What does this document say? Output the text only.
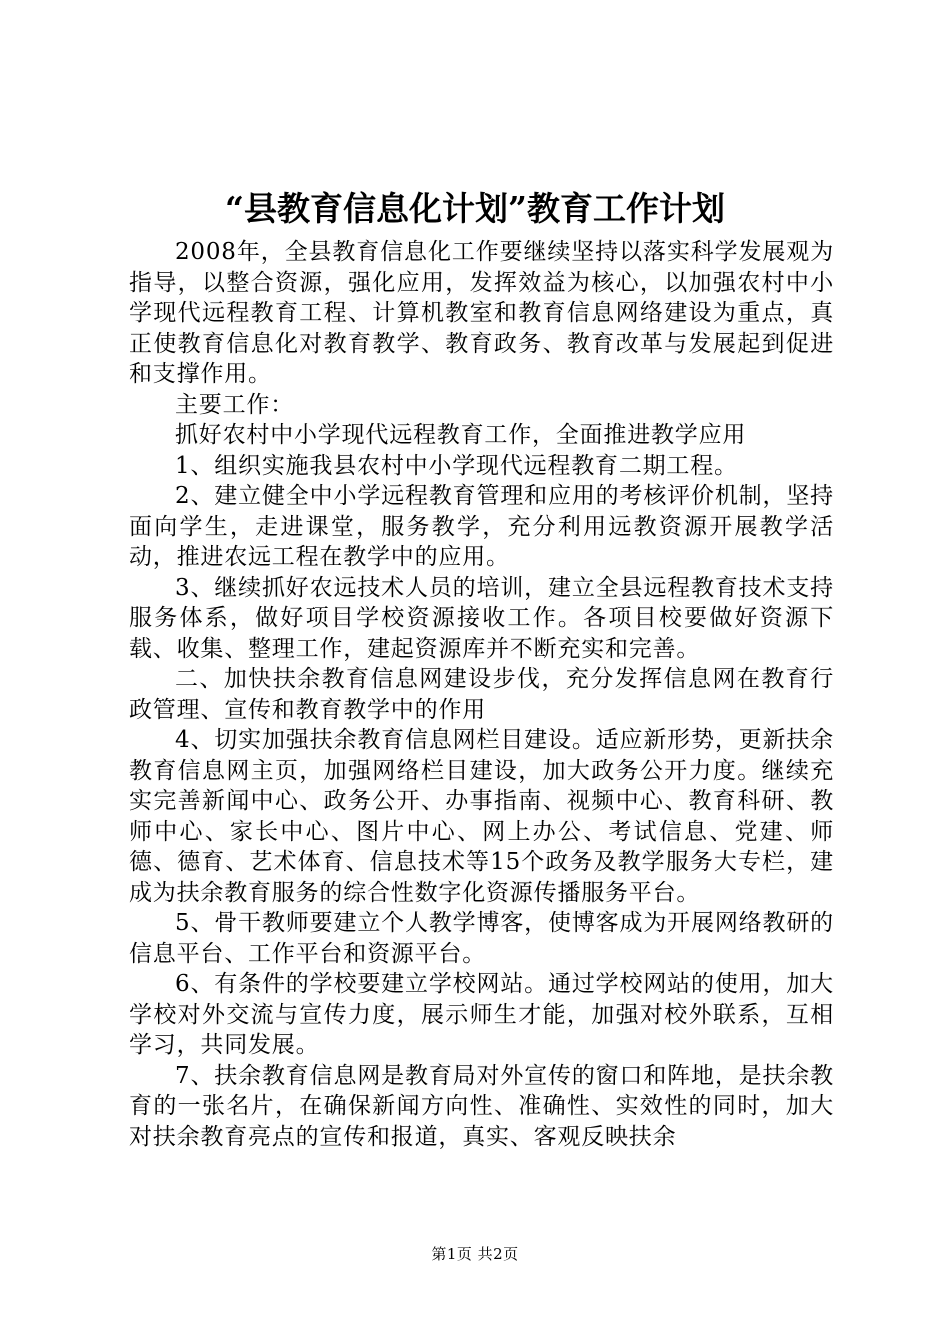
“县教育信息化计划”教育工作计划

2008年，全县教育信息化工作要继续坚持以落实科学发展观为指导，以整合资源，强化应用，发挥效益为核心，以加强农村中小学现代远程教育工程、计算机教室和教育信息网络建设为重点，真正使教育信息化对教育教学、教育政务、教育改革与发展起到促进和支撑作用。

主要工作：

抓好农村中小学现代远程教育工作，全面推进教学应用

1、组织实施我县农村中小学现代远程教育二期工程。

2、建立健全中小学远程教育管理和应用的考核评价机制，坚持面向学生，走进课堂，服务教学，充分利用远教资源开展教学活动，推进农远工程在教学中的应用。

3、继续抓好农远技术人员的培训，建立全县远程教育技术支持服务体系，做好项目学校资源接收工作。各项目校要做好资源下载、收集、整理工作，建起资源库并不断充实和完善。

二、加快扶余教育信息网建设步伐，充分发挥信息网在教育行政管理、宣传和教育教学中的作用

4、切实加强扶余教育信息网栏目建设。适应新形势，更新扶余教育信息网主页，加强网络栏目建设，加大政务公开力度。继续充实完善新闻中心、政务公开、办事指南、视频中心、教育科研、教师中心、家长中心、图片中心、网上办公、考试信息、党建、师德、德育、艺术体育、信息技术等15个政务及教学服务大专栏，建成为扶余教育服务的综合性数字化资源传播服务平台。

5、骨干教师要建立个人教学博客，使博客成为开展网络教研的信息平台、工作平台和资源平台。

6、有条件的学校要建立学校网站。通过学校网站的使用，加大学校对外交流与宣传力度，展示师生才能，加强对校外联系，互相学习，共同发展。

7、扶余教育信息网是教育局对外宣传的窗口和阵地，是扶余教育的一张名片，在确保新闻方向性、准确性、实效性的同时，加大对扶余教育亮点的宣传和报道，真实、客观反映扶余

第1页 共2页
